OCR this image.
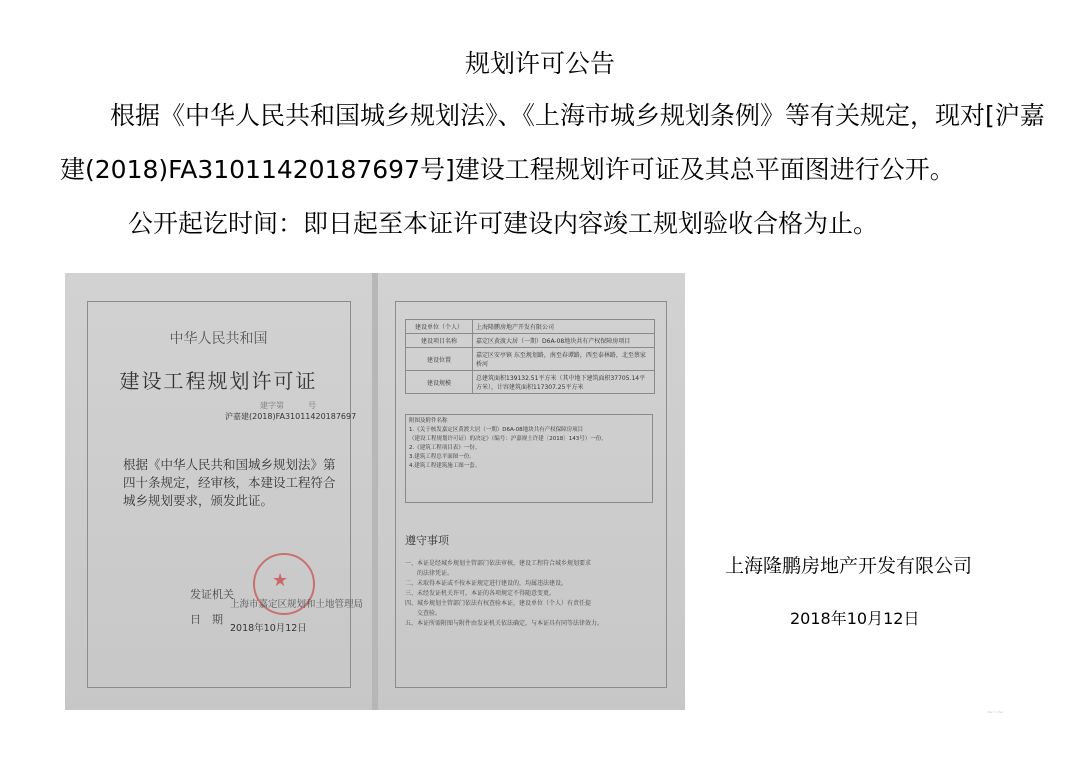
规划许可公告
根据《中华人民共和国城乡规划法》、《上海市城乡规划条例》等有关规定，现对[沪嘉建(2018)FA31011420187697号]建设工程规划许可证及其总平面图进行公开。
公开起讫时间：即日起至本证许可建设内容竣工规划验收合格为止。
中华人民共和国
建设工程规划许可证
建字第　　　号
沪嘉建(2018)FA31011420187697
根据《中华人民共和国城乡规划法》第四十条规定，经审核，本建设工程符合城乡规划要求，颁发此证。
★
发证机关
上海市嘉定区规划和土地管理局
日　期
2018年10月12日
建设单位（个人）	上海隆鹏房地产开发有限公司
建设项目名称	嘉定区黄渡大居（一期）D6A-08地块共有产权保障房项目
建设位置	嘉定区安亭镇 东至规划路，南至春谭路，西至泰林路，北至蔡家桥河
建设规模	总建筑面积139132.51平方米（其中地下建筑面积37705.14平方米），计容建筑面积117307.25平方米
附图及附件名称
1.《关于核发嘉定区黄渡大居（一期）D6A-08地块共有产权保障房项目
（建设工程规划许可证）的决定》（编号：沪嘉规土许建〔2018〕143号）一份。
2.《建筑工程项目表》一份。
3.建筑工程总平面图一份。
4.建筑工程建筑施工图一套。
遵守事项
一、本证是经城乡规划主管部门依法审核，建设工程符合城乡规划要求
　　的法律凭证。
二、未取得本证或不按本证规定进行建设的，均属违法建设。
三、未经发证机关许可，本证的各项规定不得随意变更。
四、城乡规划主管部门依法有权查验本证，建设单位（个人）有责任提
　　交查验。
五、本证所需附图与附件由发证机关依法确定，与本证具有同等法律效力。
上海隆鹏房地产开发有限公司
2018年10月12日
~·~
